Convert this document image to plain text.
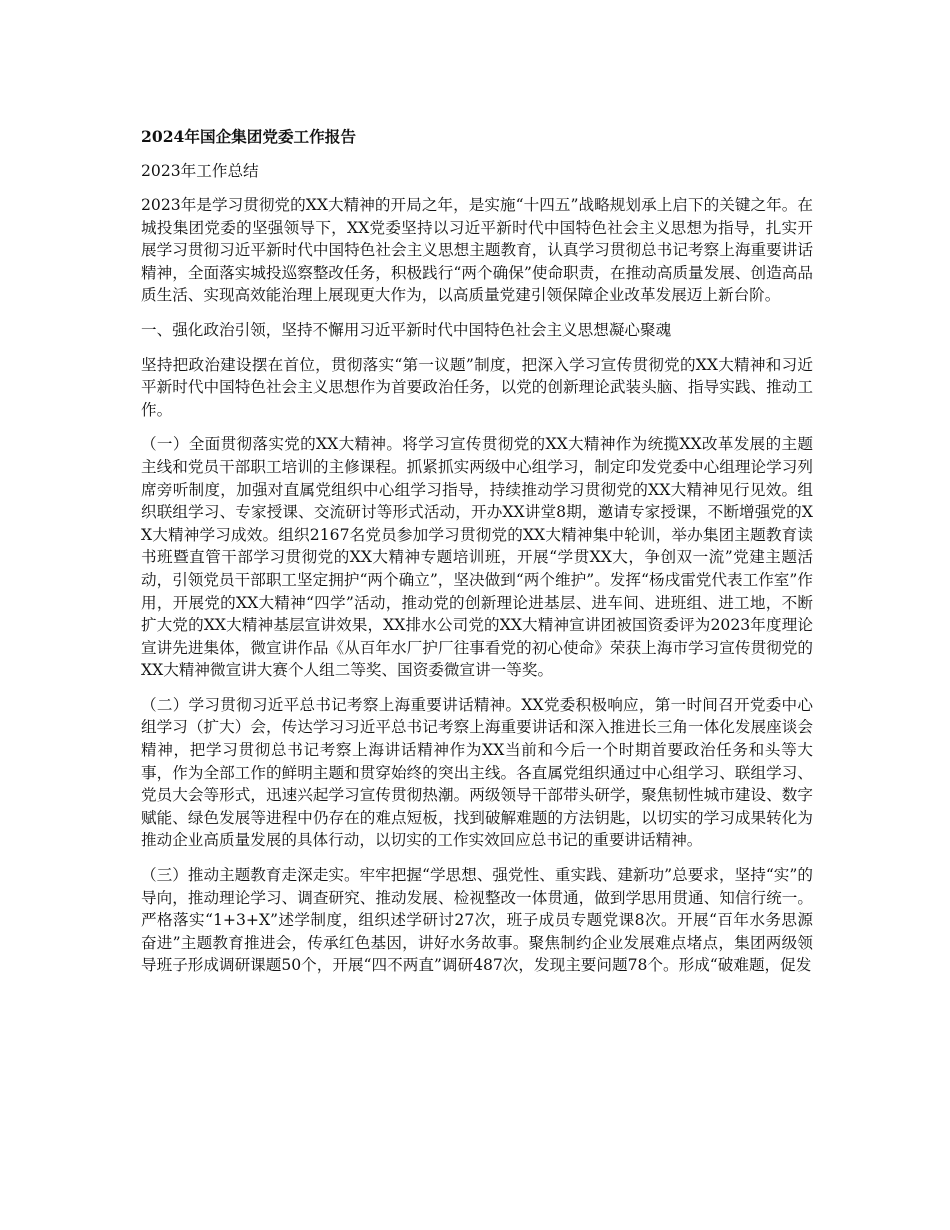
2024年国企集团党委工作报告
2023年工作总结
2023年是学习贯彻党的XX大精神的开局之年，是实施“十四五”战略规划承上启下的关键之年。在城投集团党委的坚强领导下，XX党委坚持以习近平新时代中国特色社会主义思想为指导，扎实开展学习贯彻习近平新时代中国特色社会主义思想主题教育，认真学习贯彻总书记考察上海重要讲话精神，全面落实城投巡察整改任务，积极践行“两个确保”使命职责，在推动高质量发展、创造高品质生活、实现高效能治理上展现更大作为，以高质量党建引领保障企业改革发展迈上新台阶。
一、强化政治引领，坚持不懈用习近平新时代中国特色社会主义思想凝心聚魂
坚持把政治建设摆在首位，贯彻落实“第一议题”制度，把深入学习宣传贯彻党的XX大精神和习近平新时代中国特色社会主义思想作为首要政治任务，以党的创新理论武装头脑、指导实践、推动工作。
（一）全面贯彻落实党的XX大精神。将学习宣传贯彻党的XX大精神作为统揽XX改革发展的主题主线和党员干部职工培训的主修课程。抓紧抓实两级中心组学习，制定印发党委中心组理论学习列席旁听制度，加强对直属党组织中心组学习指导，持续推动学习贯彻党的XX大精神见行见效。组织联组学习、专家授课、交流研讨等形式活动，开办XX讲堂8期，邀请专家授课，不断增强党的XX大精神学习成效。组织2167名党员参加学习贯彻党的XX大精神集中轮训，举办集团主题教育读书班暨直管干部学习贯彻党的XX大精神专题培训班，开展“学贯XX大，争创双一流”党建主题活动，引领党员干部职工坚定拥护“两个确立”，坚决做到“两个维护”。发挥“杨戌雷党代表工作室”作用，开展党的XX大精神“四学”活动，推动党的创新理论进基层、进车间、进班组、进工地，不断扩大党的XX大精神基层宣讲效果，XX排水公司党的XX大精神宣讲团被国资委评为2023年度理论宣讲先进集体，微宣讲作品《从百年水厂护厂往事看党的初心使命》荣获上海市学习宣传贯彻党的XX大精神微宣讲大赛个人组二等奖、国资委微宣讲一等奖。
（二）学习贯彻习近平总书记考察上海重要讲话精神。XX党委积极响应，第一时间召开党委中心组学习（扩大）会，传达学习习近平总书记考察上海重要讲话和深入推进长三角一体化发展座谈会精神，把学习贯彻总书记考察上海讲话精神作为XX当前和今后一个时期首要政治任务和头等大事，作为全部工作的鲜明主题和贯穿始终的突出主线。各直属党组织通过中心组学习、联组学习、党员大会等形式，迅速兴起学习宣传贯彻热潮。两级领导干部带头研学，聚焦韧性城市建设、数字赋能、绿色发展等进程中仍存在的难点短板，找到破解难题的方法钥匙，以切实的学习成果转化为推动企业高质量发展的具体行动，以切实的工作实效回应总书记的重要讲话精神。
（三）推动主题教育走深走实。牢牢把握“学思想、强党性、重实践、建新功”总要求，坚持“实”的导向，推动理论学习、调查研究、推动发展、检视整改一体贯通，做到学思用贯通、知信行统一。严格落实“1+3+X”述学制度，组织述学研讨27次，班子成员专题党课8次。开展“百年水务思源奋进”主题教育推进会，传承红色基因，讲好水务故事。聚焦制约企业发展难点堵点，集团两级领导班子形成调研课题50个，开展“四不两直”调研487次，发现主要问题78个。形成“破难题，促发
